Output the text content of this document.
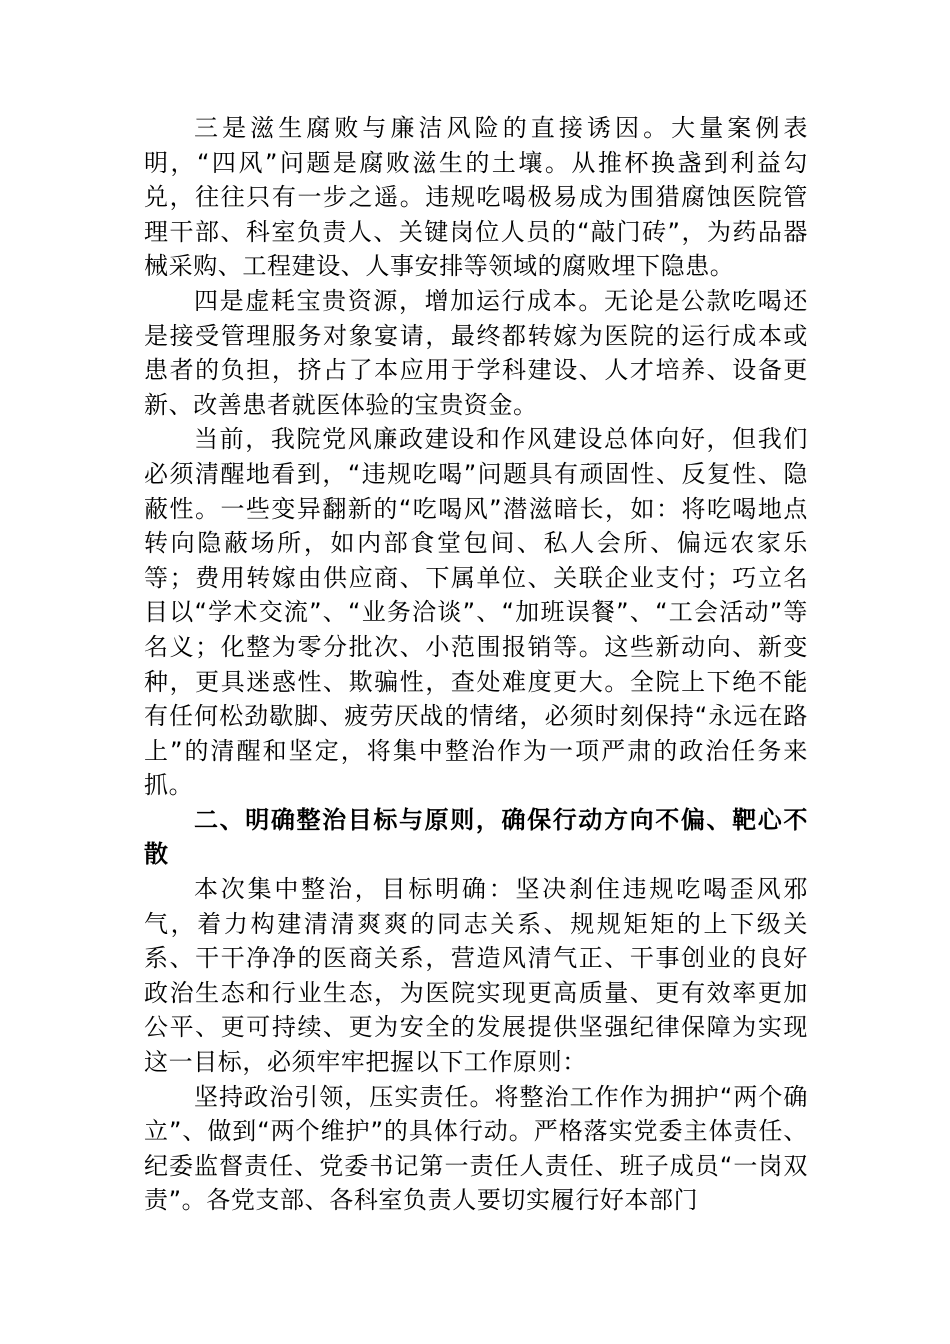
三是滋生腐败与廉洁风险的直接诱因。大量案例表明，“四风”问题是腐败滋生的土壤。从推杯换盏到利益勾兑，往往只有一步之遥。违规吃喝极易成为围猎腐蚀医院管理干部、科室负责人、关键岗位人员的“敲门砖”，为药品器械采购、工程建设、人事安排等领域的腐败埋下隐患。

四是虚耗宝贵资源，增加运行成本。无论是公款吃喝还是接受管理服务对象宴请，最终都转嫁为医院的运行成本或患者的负担，挤占了本应用于学科建设、人才培养、设备更新、改善患者就医体验的宝贵资金。

当前，我院党风廉政建设和作风建设总体向好，但我们必须清醒地看到，“违规吃喝”问题具有顽固性、反复性、隐蔽性。一些变异翻新的“吃喝风”潜滋暗长，如：将吃喝地点转向隐蔽场所，如内部食堂包间、私人会所、偏远农家乐等；费用转嫁由供应商、下属单位、关联企业支付；巧立名目以“学术交流”、“业务洽谈”、“加班误餐”、“工会活动”等名义；化整为零分批次、小范围报销等。这些新动向、新变种，更具迷惑性、欺骗性，查处难度更大。全院上下绝不能有任何松劲歇脚、疲劳厌战的情绪，必须时刻保持“永远在路上”的清醒和坚定，将集中整治作为一项严肃的政治任务来抓。

二、明确整治目标与原则，确保行动方向不偏、靶心不散

本次集中整治，目标明确：坚决刹住违规吃喝歪风邪气，着力构建清清爽爽的同志关系、规规矩矩的上下级关系、干干净净的医商关系，营造风清气正、干事创业的良好政治生态和行业生态，为医院实现更高质量、更有效率更加公平、更可持续、更为安全的发展提供坚强纪律保障为实现这一目标，必须牢牢把握以下工作原则：

坚持政治引领，压实责任。将整治工作作为拥护“两个确立”、做到“两个维护”的具体行动。严格落实党委主体责任、纪委监督责任、党委书记第一责任人责任、班子成员“一岗双责”。各党支部、各科室负责人要切实履行好本部门
